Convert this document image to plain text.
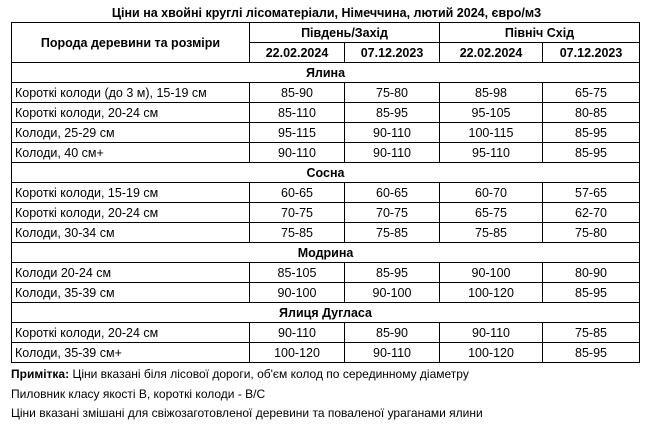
Ціни на хвойні круглі лісоматеріали, Німеччина, лютий 2024, євро/м3
Порода деревини та розміри	Південь/Захід		Північ Схід	
	22.02.2024	07.12.2023	22.02.2024	07.12.2023
Ялина				
Короткі колоди (до 3 м), 15-19 см	85-90	75-80	85-98	65-75
Короткі колоди, 20-24 см	85-110	85-95	95-105	80-85
Колоди, 25-29 см	95-115	90-110	100-115	85-95
Колоди, 40 см+	90-110	90-110	95-110	85-95
Сосна				
Короткі колоди, 15-19 см	60-65	60-65	60-70	57-65
Короткі колоди, 20-24 см	70-75	70-75	65-75	62-70
Колоди, 30-34 см	75-85	75-85	75-85	75-80
Модрина				
Колоди 20-24 см	85-105	85-95	90-100	80-90
Колоди, 35-39 см	90-100	90-100	100-120	85-95
Ялиця Дугласа				
Короткі колоди, 20-24 см	90-110	85-90	90-110	75-85
Колоди, 35-39 см+	100-120	90-110	100-120	85-95
Примітка: Ціни вказані біля лісової дороги, об'єм колод по серединному діаметру
Пиловник класу якості B, короткі колоди - B/C
Ціни вказані змішані для свіжозаготовленої деревини та поваленої ураганами ялини
